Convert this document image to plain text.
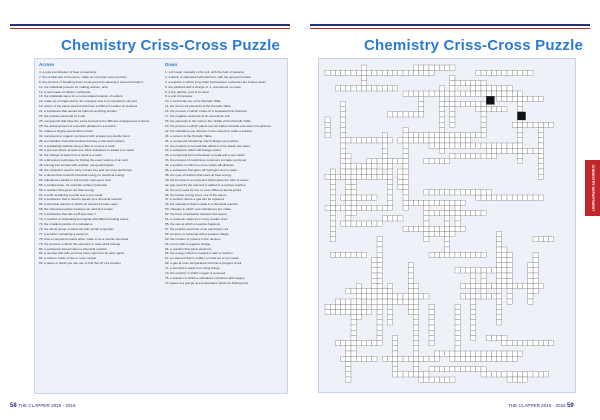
Chemistry Criss-Cross Puzzle
Across
4. a pure combination of heat or electricity
7. the central part of the atom, made up of protons and neutrons
8. the process of breaking down a compound by passing a current through it
12. the individual process for making sodium, acid
13. a web made of calcium carbonate
15. the individual name for a concentrated solution of sodium
16. made up of single atoms; the example next to a monatomic element
19. atoms of the same element that have a different number of neutrons
21. a substance that cannot be split into anything simpler
23. the positive electrode of a cell
25. compounds that have the same formula but a different arrangement of atoms
28. the actual amount of a product obtained in a reaction
31. makes a ringing sound when struck
32. compound or organic compound with at least one double bond
35. an insoluble chemical produced during a chemical reaction
37. a separating method using a filter to remove a solid
39. a process where at least one other substance is added to a metal
41. the change of state from a liquid to a solid
43. a laboratory technique for finding the exact volume of an acid
45. coming into contact with another, using electrolysis
48. the conductor used to carry current into and out of an electrolyte
51. a device that converts chemical energy to electrical energy
53. substances added to soil to help crops grow well
56. a soluble base, for example sodium hydroxide
58. a reaction that gives out heat energy
61. a solid containing a metal and a non-metal
63. a substance that is used to speed up a chemical reaction
65. a chemical reaction in which an acid and a base react
68. the chemical reaction between an acid and a base
70. a substance that has a pH less than 7
72. a method of separating two liquids with different boiling points
74. the smallest particle of a substance
76. the whole group of elements with similar properties
77. a solution containing a metal ion
78. how a compound reacts when made to be a precise chemical
79. the process in which the electrons in outer shell change
80. a substance formed when a chemical reaction
82. a number that tells you how many electrons an atom gains
84. a mixture made of two or more metals
86. a paper or liquid you can use to find the pH of a solution
Down
1. soft metal, naturally in the soil, with the help of bacteria
2. a family of saturated hydrocarbons, with the general formula
3. a reaction in which long chain hydrocarbon molecules are broken down
5. the particles with a charge of -1, and almost no mass
6. a tiny particle, part of an atom
9. a unit of pressure
10. a horizontal row of the Periodic Table
11. the Group VII elements of the Periodic Table
14. the process in which crude oil is separated into fractions
17. the negative electrode of an electrolytic cell
18. the elements in the rows in the middle of the Periodic Table
20. the process in which plants convert carbon dioxide and water into glucose
22. the substance you dissolve in the solvent to make a solution
24. a column of the Periodic Table
26. a compound containing only hydrogen and carbon
27. the property of a metal that allows it to be drawn into wires
29. a substance which will change colour
30. a compound formed between a metal and a non-metal
33. the process of combining monomers to make a polymer
34. a solution in which no more solute will dissolve
36. a substance that gives off hydrogen ions in water
38. the type of reaction that uses up heat energy
40. the formula of a compound which gives the ratio of atoms
42. gas used for the element is added to a nuclear reaction
44. the term used for two or more different atoms joined
46. the lowest energy level, one of the atoms
47. a solution where a gas can be replaced
49. the substance that is made in a chemical reaction
50. changes in which new substances are made
52. the force of attraction between two atoms
54. a molecule made from many smaller ones
55. the rate at which a reaction happens
57. the positive electrode of an electrolytic cell
59. an atom or molecule with a positive charge
60. the number of protons in the nucleus
62. an ion with a negative charge
64. a reaction that gains electrons
66. the energy which is needed to start a reaction
67. an element that is neither a metal nor a non-metal
69. a gas at room temperature that has a pungent smell
71. a fuel that is made from living things
73. the reaction in which oxygen is removed
75. a reaction in which a substance combines with oxygen
79. gases in a gas jar at a temperature below its boiling point
Chemistry Criss-Cross Puzzle
CHEMISTRY DEPARTMENT
58 THE CLAPPER 2015 - 2016	THE CLAPPER 2015 - 2016 59
